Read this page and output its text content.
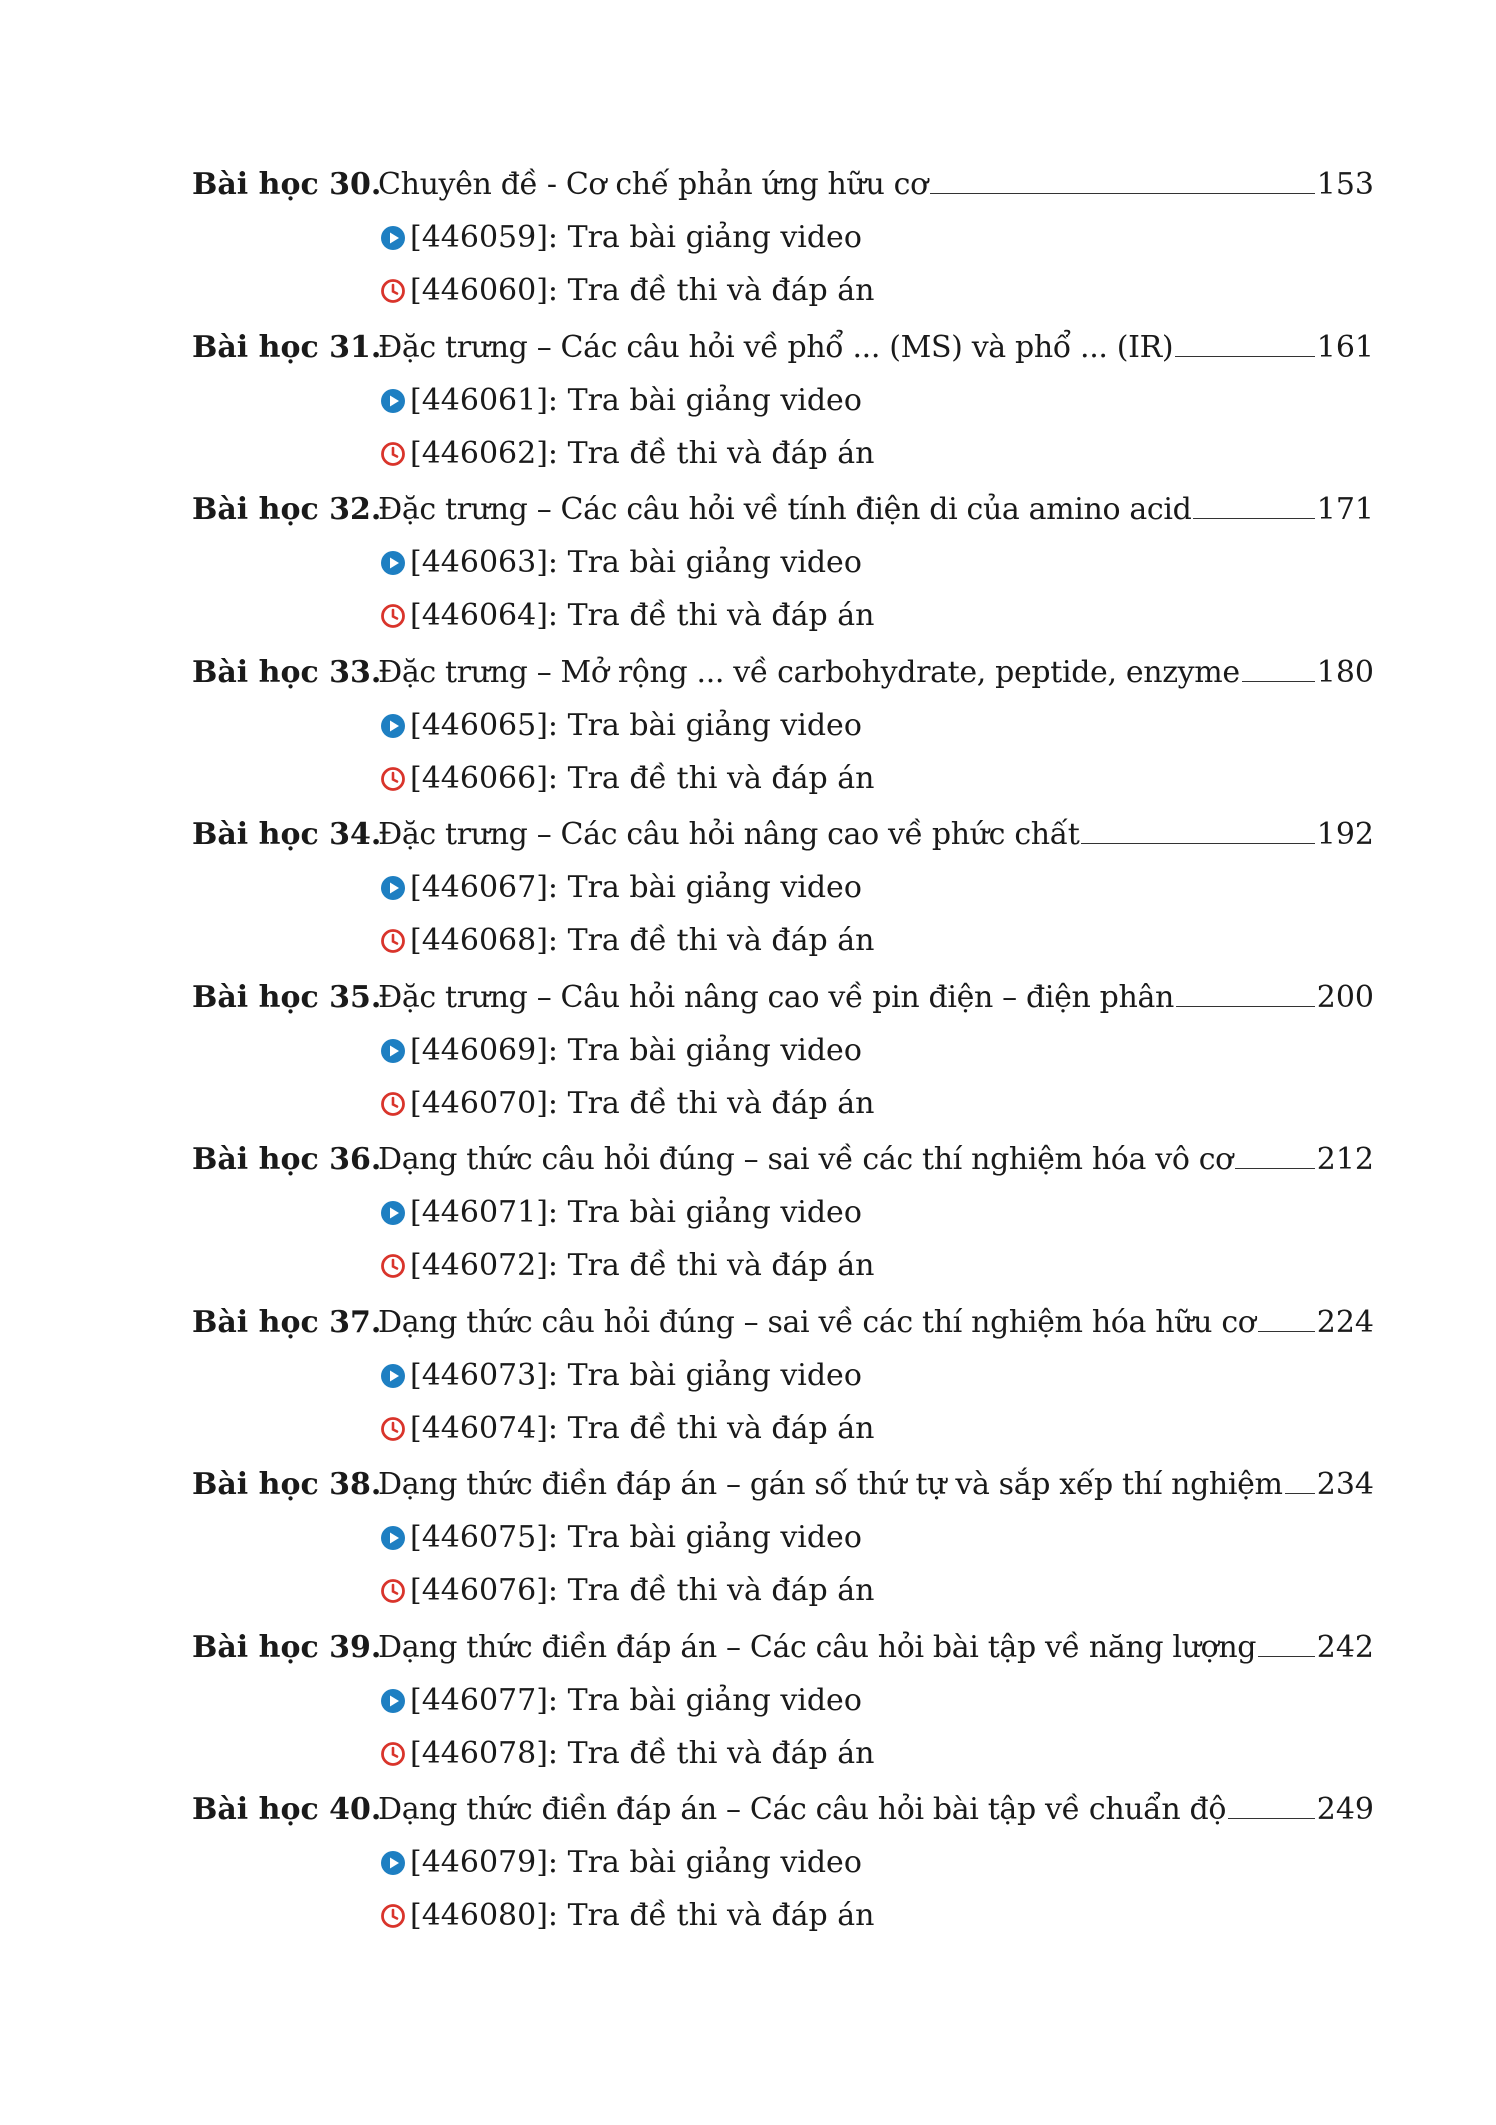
Bài học 30.
Chuyên đề - Cơ chế phản ứng hữu cơ	153
[446059]: Tra bài giảng video
[446060]: Tra đề thi và đáp án
Bài học 31.
Đặc trưng – Các câu hỏi về phổ ... (MS) và phổ ... (IR)	161
[446061]: Tra bài giảng video
[446062]: Tra đề thi và đáp án
Bài học 32.
Đặc trưng – Các câu hỏi về tính điện di của amino acid	171
[446063]: Tra bài giảng video
[446064]: Tra đề thi và đáp án
Bài học 33.
Đặc trưng – Mở rộng ... về carbohydrate, peptide, enzyme	180
[446065]: Tra bài giảng video
[446066]: Tra đề thi và đáp án
Bài học 34.
Đặc trưng – Các câu hỏi nâng cao về phức chất	192
[446067]: Tra bài giảng video
[446068]: Tra đề thi và đáp án
Bài học 35.
Đặc trưng – Câu hỏi nâng cao về pin điện – điện phân	200
[446069]: Tra bài giảng video
[446070]: Tra đề thi và đáp án
Bài học 36.
Dạng thức câu hỏi đúng – sai về các thí nghiệm hóa vô cơ	212
[446071]: Tra bài giảng video
[446072]: Tra đề thi và đáp án
Bài học 37.
Dạng thức câu hỏi đúng – sai về các thí nghiệm hóa hữu cơ 224
[446073]: Tra bài giảng video
[446074]: Tra đề thi và đáp án
Bài học 38.
Dạng thức điền đáp án – gán số thứ tự và sắp xếp thí nghiệm 234
[446075]: Tra bài giảng video
[446076]: Tra đề thi và đáp án
Bài học 39.
Dạng thức điền đáp án – Các câu hỏi bài tập về năng lượng 242
[446077]: Tra bài giảng video
[446078]: Tra đề thi và đáp án
Bài học 40.
Dạng thức điền đáp án – Các câu hỏi bài tập về chuẩn độ	249
[446079]: Tra bài giảng video
[446080]: Tra đề thi và đáp án
